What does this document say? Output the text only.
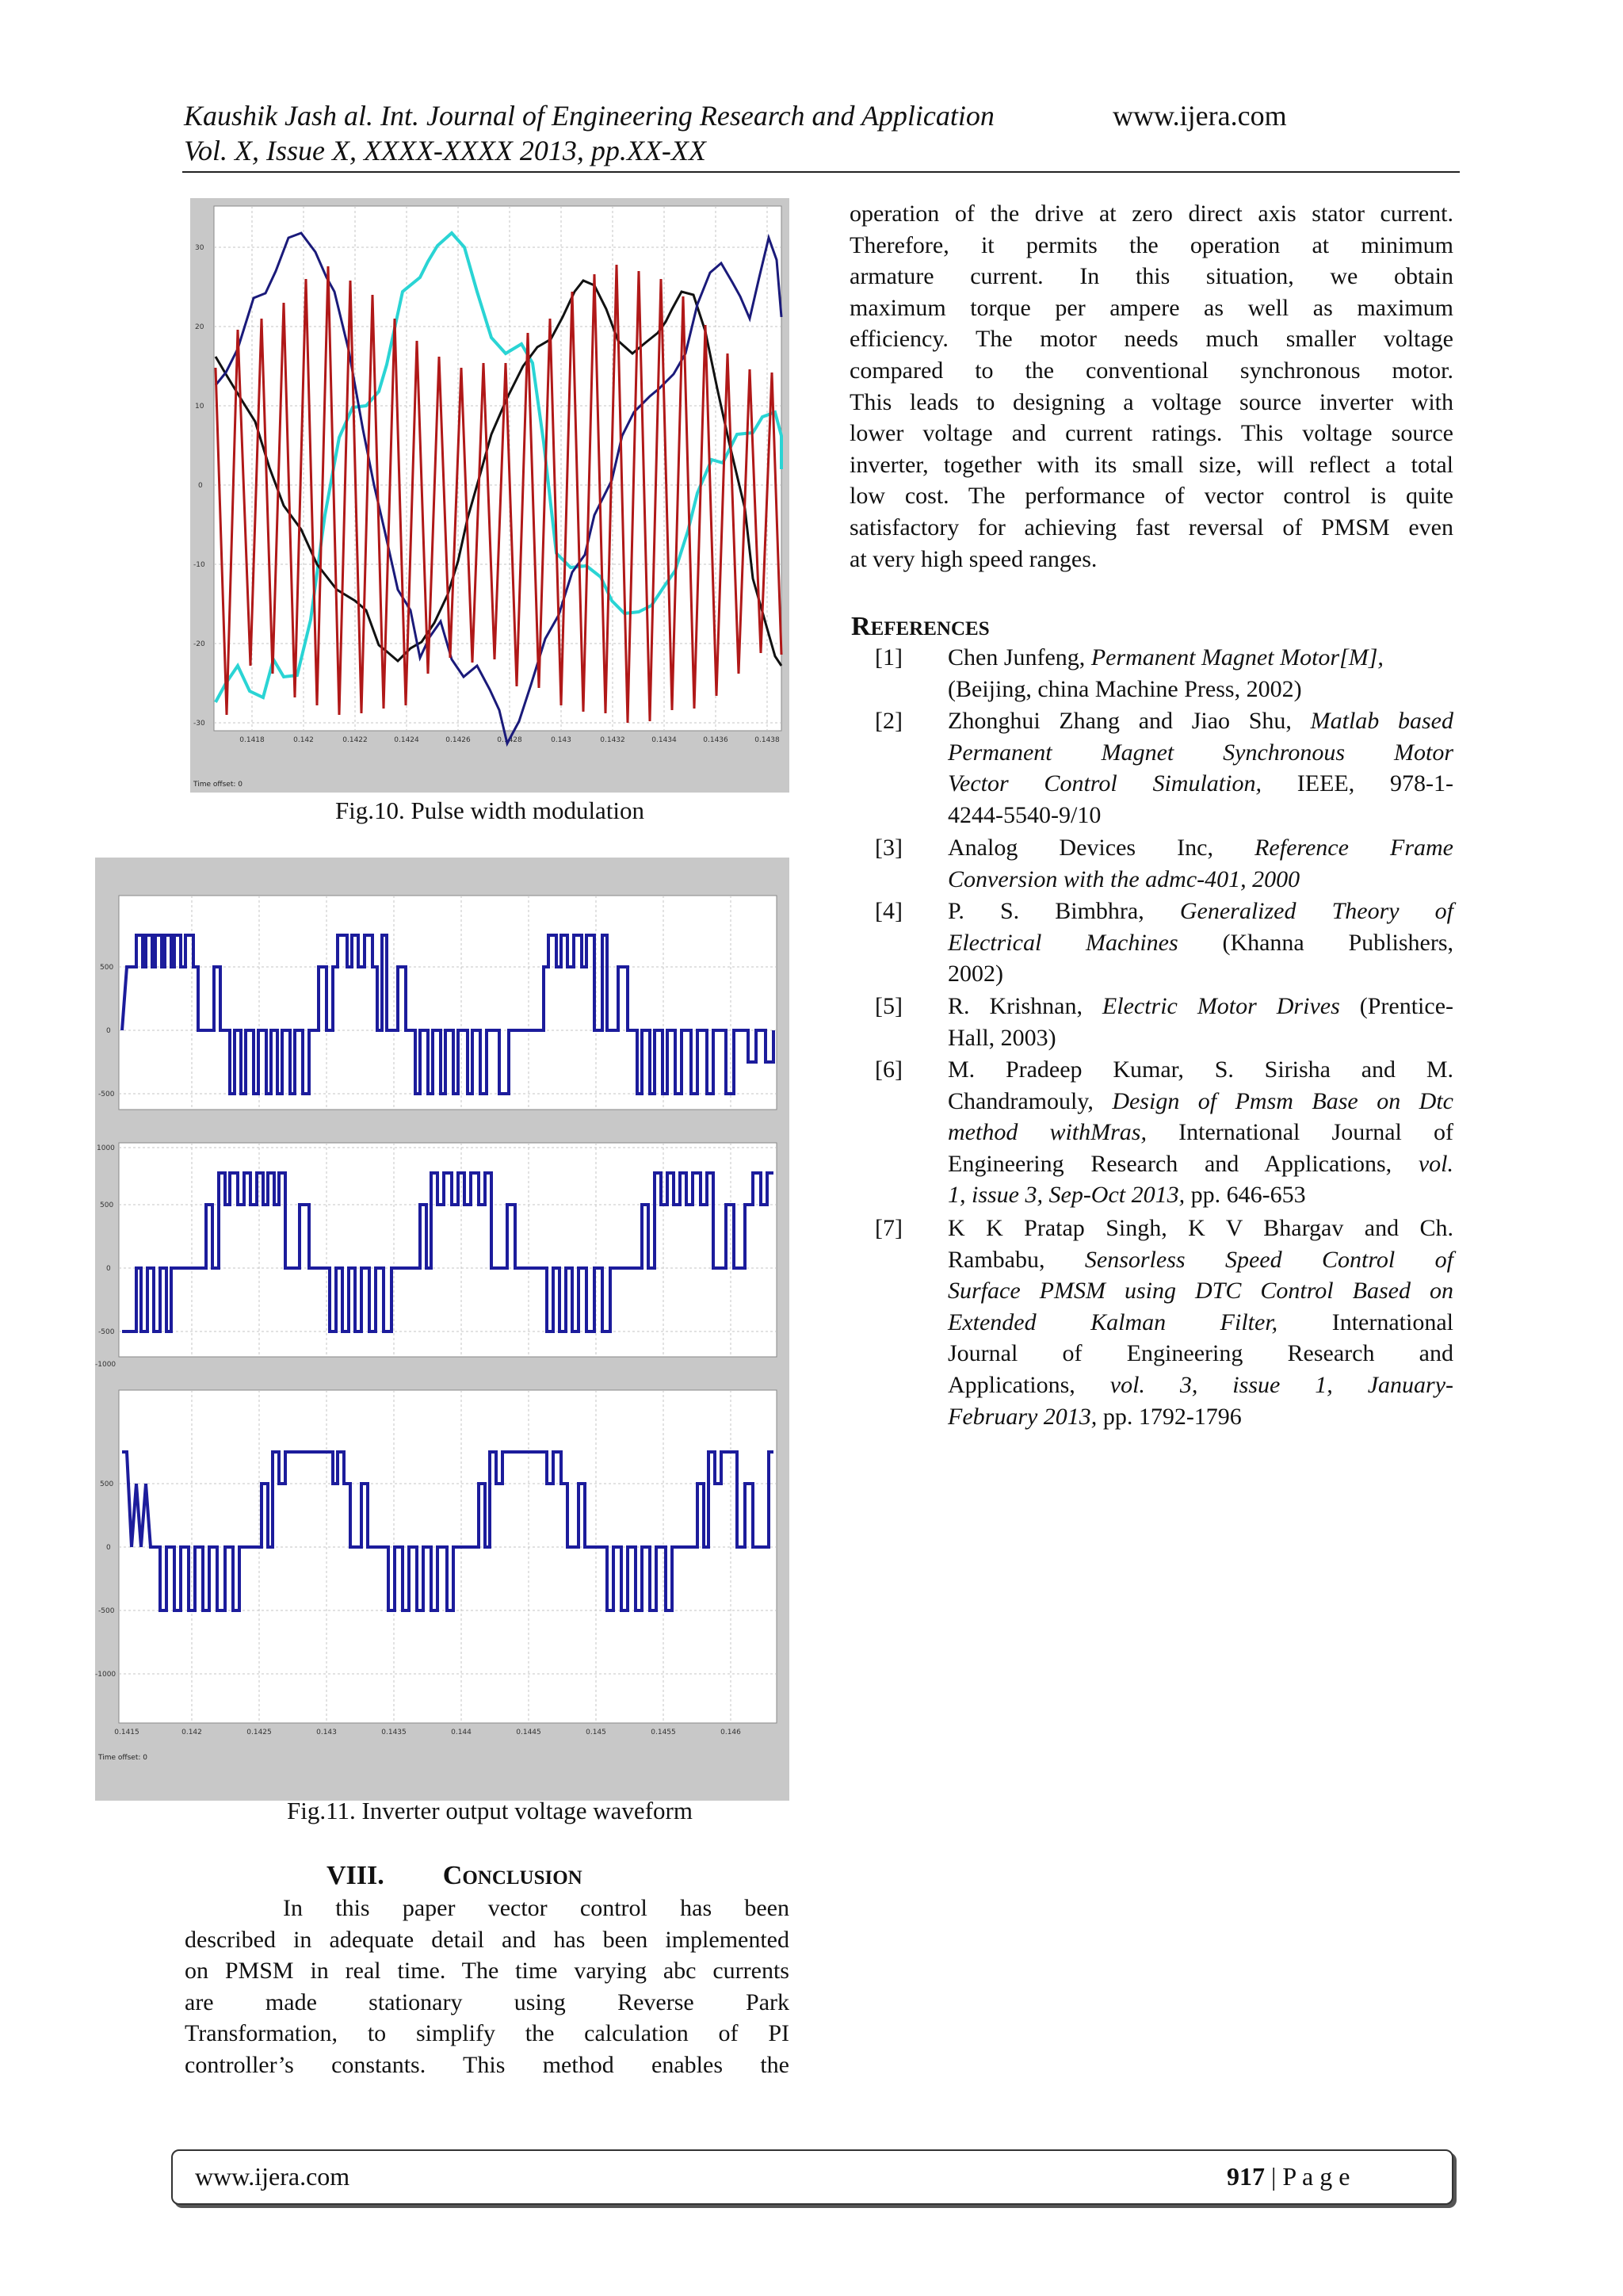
Kaushik Jash al. Int. Journal of Engineering Research and Application	www.ijera.com
Vol. X, Issue X, XXXX-XXXX 2013, pp.XX-XX
30
20
10
0
-10
-20
-30
0.1418	0.142	0.1422	0.1424	0.1426	0.1428	0.143	0.1432	0.1434	0.1436	0.1438
Time offset: 0
Fig.10. Pulse width modulation
500
0
-500
1000
500
0
-500
-1000
500
0
-500
-1000
0.1415	0.142	0.1425	0.143	0.1435	0.144	0.1445	0.145	0.1455	0.146
Time offset: 0
Fig.11. Inverter output voltage waveform
VIII. CONCLUSION
In this paper vector control has been
described in adequate detail and has been implemented
on PMSM in real time. The time varying abc currents
are made stationary using Reverse Park
Transformation, to simplify the calculation of PI
controller’s constants. This method enables the
operation of the drive at zero direct axis stator current.
Therefore, it permits the operation at minimum
armature current. In this situation, we obtain
maximum torque per ampere as well as maximum
efficiency. The motor needs much smaller voltage
compared to the conventional synchronous motor.
This leads to designing a voltage source inverter with
lower voltage and current ratings. This voltage source
inverter, together with its small size, will reflect a total
low cost. The performance of vector control is quite
satisfactory for achieving fast reversal of PMSM even
at very high speed ranges.
REFERENCES
[1] Chen Junfeng, Permanent Magnet Motor[M],
(Beijing, china Machine Press, 2002)
[2] Zhonghui Zhang and Jiao Shu, Matlab based
Permanent Magnet Synchronous Motor
Vector Control Simulation, IEEE, 978-1-
4244-5540-9/10
[3] Analog Devices Inc, Reference Frame
Conversion with the admc-401, 2000
[4] P. S. Bimbhra, Generalized Theory of
Electrical Machines (Khanna Publishers,
2002)
[5] R. Krishnan, Electric Motor Drives (Prentice-
Hall, 2003)
[6] M. Pradeep Kumar, S. Sirisha and M.
Chandramouly, Design of Pmsm Base on Dtc
method withMras, International Journal of
Engineering Research and Applications, vol.
1, issue 3, Sep-Oct 2013, pp. 646-653
[7] K K Pratap Singh, K V Bhargav and Ch.
Rambabu, Sensorless Speed Control of
Surface PMSM using DTC Control Based on
Extended Kalman Filter, International
Journal of Engineering Research and
Applications, vol. 3, issue 1, January-
February 2013, pp. 1792-1796
www.ijera.com	917 | P a g e
